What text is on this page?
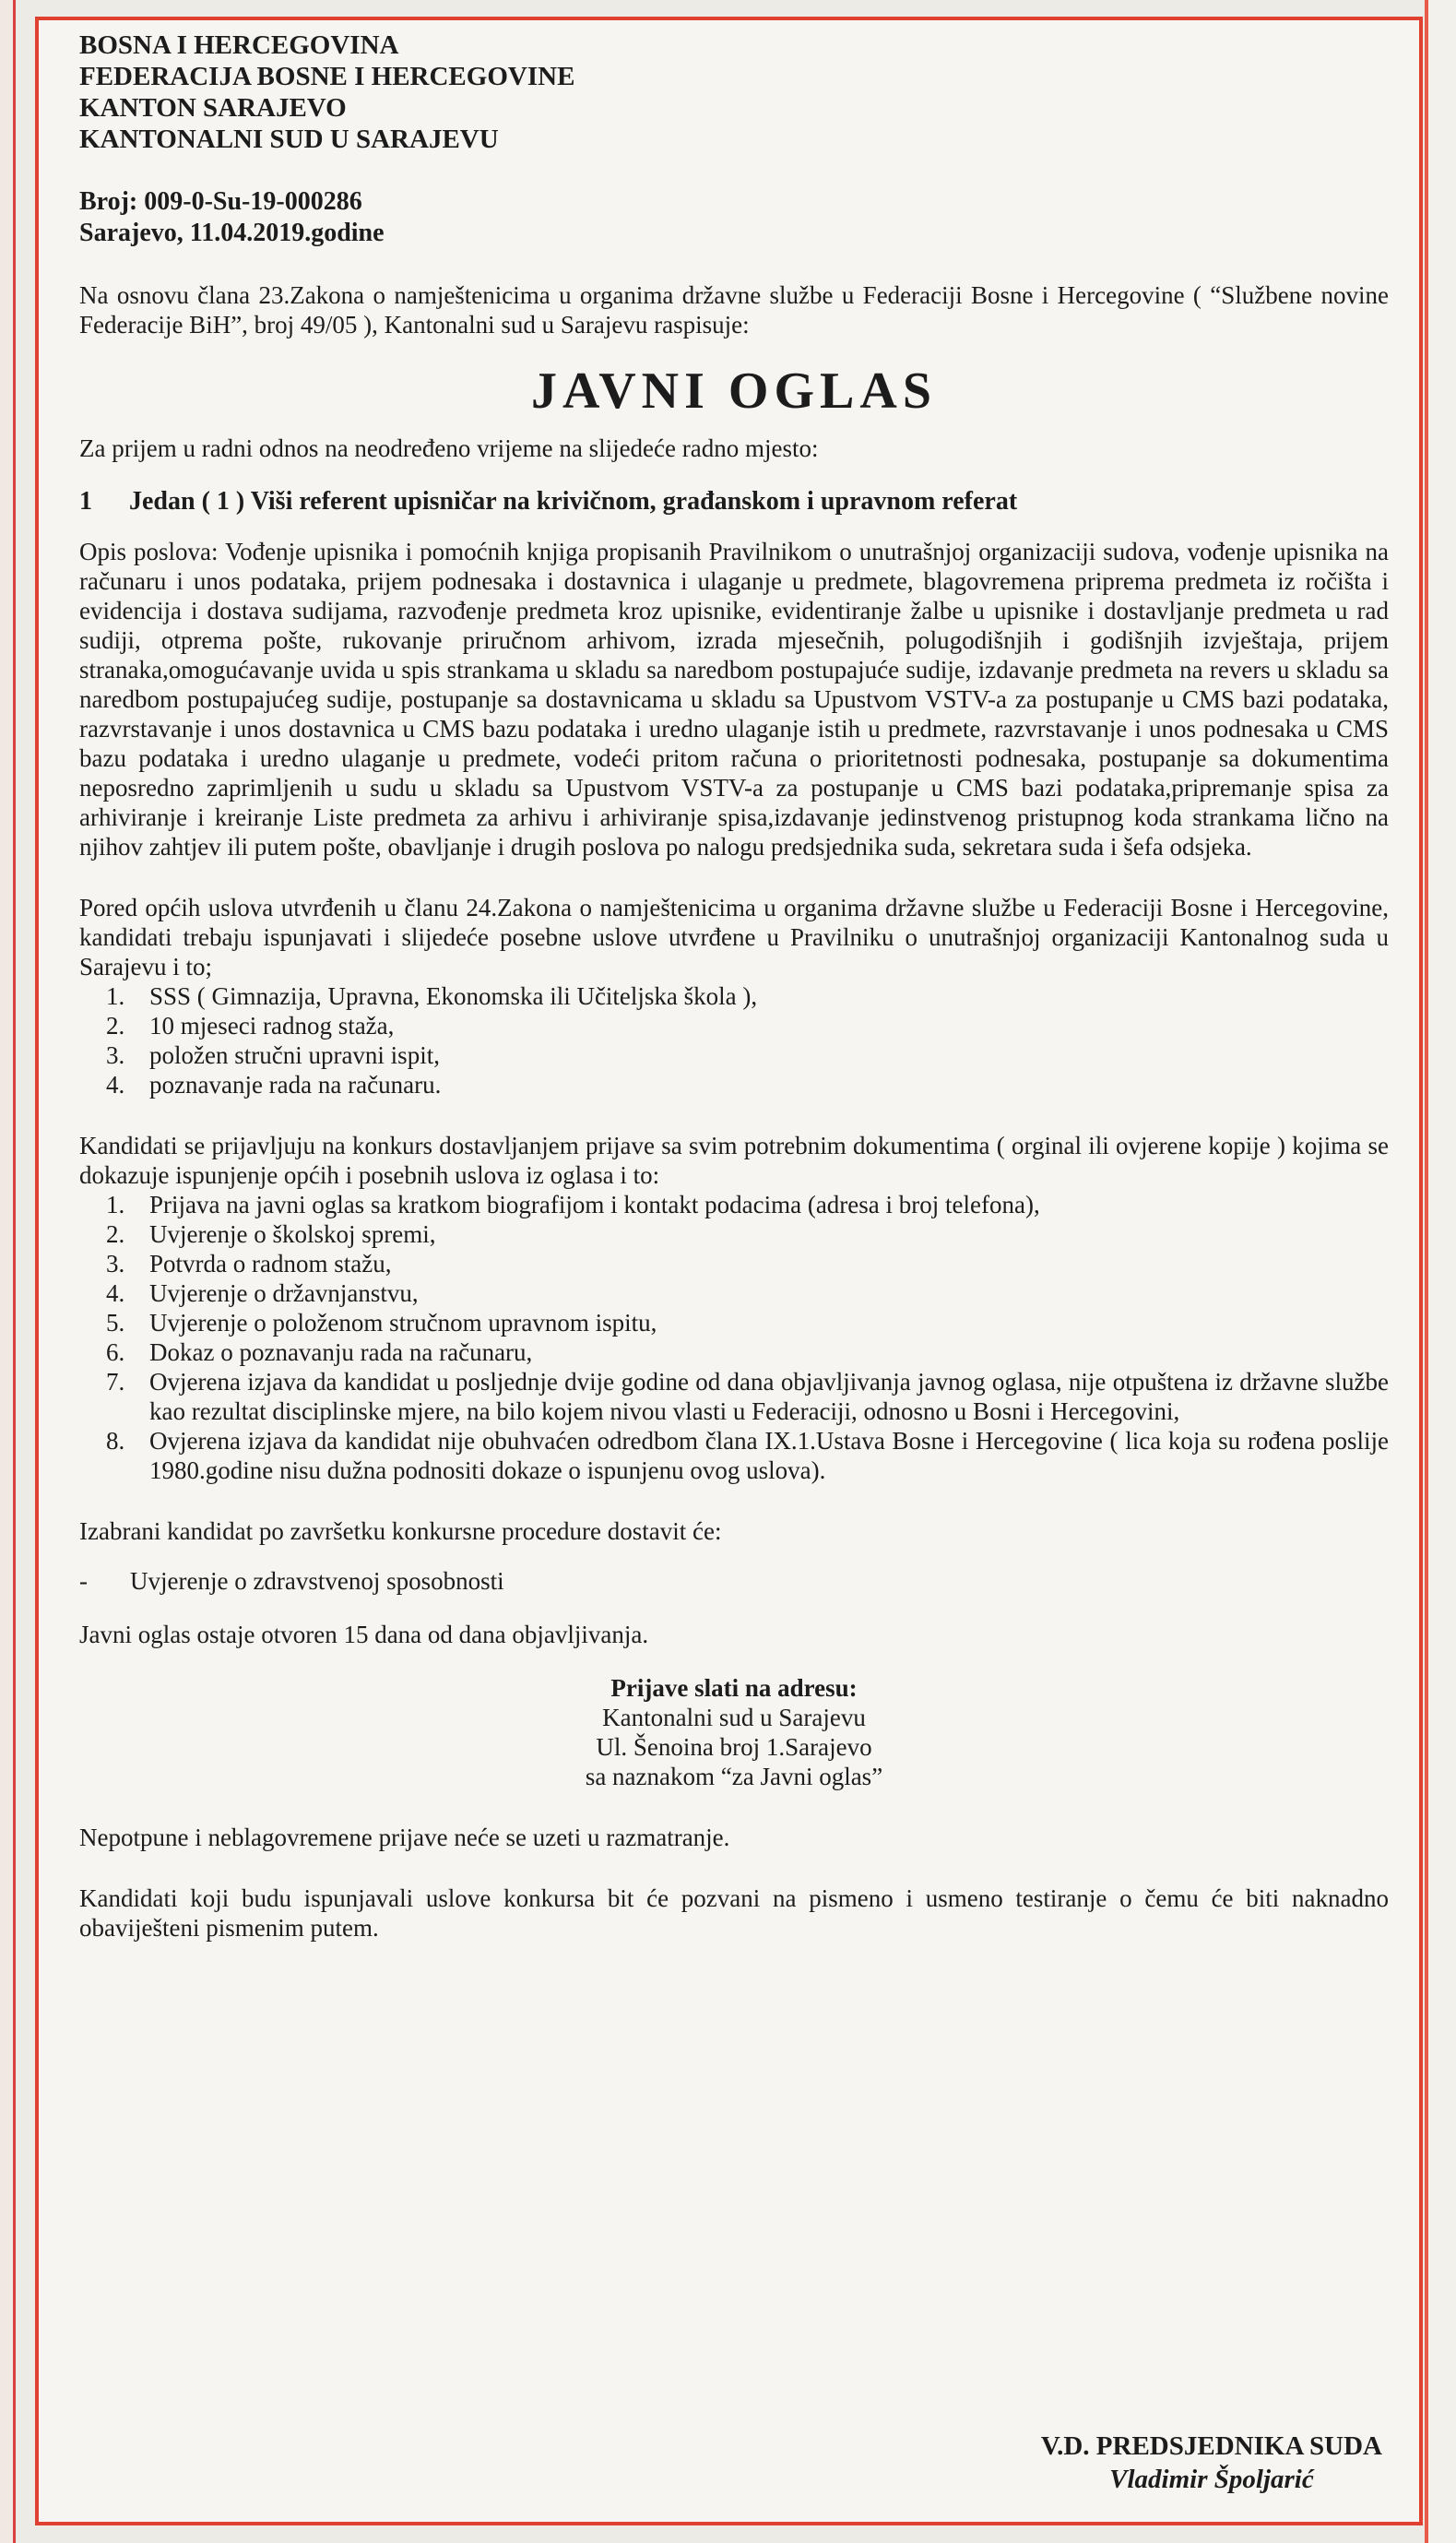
BOSNA I HERCEGOVINA
FEDERACIJA BOSNE I HERCEGOVINE
KANTON SARAJEVO
KANTONALNI SUD U SARAJEVU
Broj: 009-0-Su-19-000286
Sarajevo, 11.04.2019.godine
Na osnovu člana 23.Zakona o namještenicima u organima državne službe u Federaciji Bosne i Hercegovine ( “Službene novine Federacije BiH”, broj 49/05 ), Kantonalni sud u Sarajevu raspisuje:
JAVNI OGLAS
Za prijem u radni odnos na neodređeno vrijeme na slijedeće radno mjesto:
1 Jedan ( 1 ) Viši referent upisničar na krivičnom, građanskom i upravnom referat
Opis poslova: Vođenje upisnika i pomoćnih knjiga propisanih Pravilnikom o unutrašnjoj organizaciji sudova, vođenje upisnika na računaru i unos podataka, prijem podnesaka i dostavnica i ulaganje u predmete, blagovremena priprema predmeta iz ročišta i evidencija i dostava sudijama, razvođenje predmeta kroz upisnike, evidentiranje žalbe u upisnike i dostavljanje predmeta u rad sudiji, otprema pošte, rukovanje priručnom arhivom, izrada mjesečnih, polugodišnjih i godišnjih izvještaja, prijem stranaka,omogućavanje uvida u spis strankama u skladu sa naredbom postupajuće sudije, izdavanje predmeta na revers u skladu sa naredbom postupajućeg sudije, postupanje sa dostavnicama u skladu sa Upustvom VSTV-a za postupanje u CMS bazi podataka, razvrstavanje i unos dostavnica u CMS bazu podataka i uredno ulaganje istih u predmete, razvrstavanje i unos podnesaka u CMS bazu podataka i uredno ulaganje u predmete, vodeći pritom računa o prioritetnosti podnesaka, postupanje sa dokumentima neposredno zaprimljenih u sudu u skladu sa Upustvom VSTV-a za postupanje u CMS bazi podataka,pripremanje spisa za arhiviranje i kreiranje Liste predmeta za arhivu i arhiviranje spisa,izdavanje jedinstvenog pristupnog koda strankama lično na njihov zahtjev ili putem pošte, obavljanje i drugih poslova po nalogu predsjednika suda, sekretara suda i šefa odsjeka.
Pored općih uslova utvrđenih u članu 24.Zakona o namještenicima u organima državne službe u Federaciji Bosne i Hercegovine, kandidati trebaju ispunjavati i slijedeće posebne uslove utvrđene u Pravilniku o unutrašnjoj organizaciji Kantonalnog suda u Sarajevu i to;
1. SSS ( Gimnazija, Upravna, Ekonomska ili Učiteljska škola ),
2. 10 mjeseci radnog staža,
3. položen stručni upravni ispit,
4. poznavanje rada na računaru.
Kandidati se prijavljuju na konkurs dostavljanjem prijave sa svim potrebnim dokumentima ( orginal ili ovjerene kopije ) kojima se dokazuje ispunjenje općih i posebnih uslova iz oglasa i to:
1. Prijava na javni oglas sa kratkom biografijom i kontakt podacima (adresa i broj telefona),
2. Uvjerenje o školskoj spremi,
3. Potvrda o radnom stažu,
4. Uvjerenje o državnjanstvu,
5. Uvjerenje o položenom stručnom upravnom ispitu,
6. Dokaz o poznavanju rada na računaru,
7. Ovjerena izjava da kandidat u posljednje dvije godine od dana objavljivanja javnog oglasa, nije otpuštena iz državne službe kao rezultat disciplinske mjere, na bilo kojem nivou vlasti u Federaciji, odnosno u Bosni i Hercegovini,
8. Ovjerena izjava da kandidat nije obuhvaćen odredbom člana IX.1.Ustava Bosne i Hercegovine ( lica koja su rođena poslije 1980.godine nisu dužna podnositi dokaze o ispunjenu ovog uslova).
Izabrani kandidat po završetku konkursne procedure dostavit će:
- Uvjerenje o zdravstvenoj sposobnosti
Javni oglas ostaje otvoren 15 dana od dana objavljivanja.
Prijave slati na adresu:
Kantonalni sud u Sarajevu
Ul. Šenoina broj 1.Sarajevo
sa naznakom “za Javni oglas”
Nepotpune i neblagovremene prijave neće se uzeti u razmatranje.
Kandidati koji budu ispunjavali uslove konkursa bit će pozvani na pismeno i usmeno testiranje o čemu će biti naknadno obaviješteni pismenim putem.
V.D. PREDSJEDNIKA SUDA
Vladimir Špoljarić
